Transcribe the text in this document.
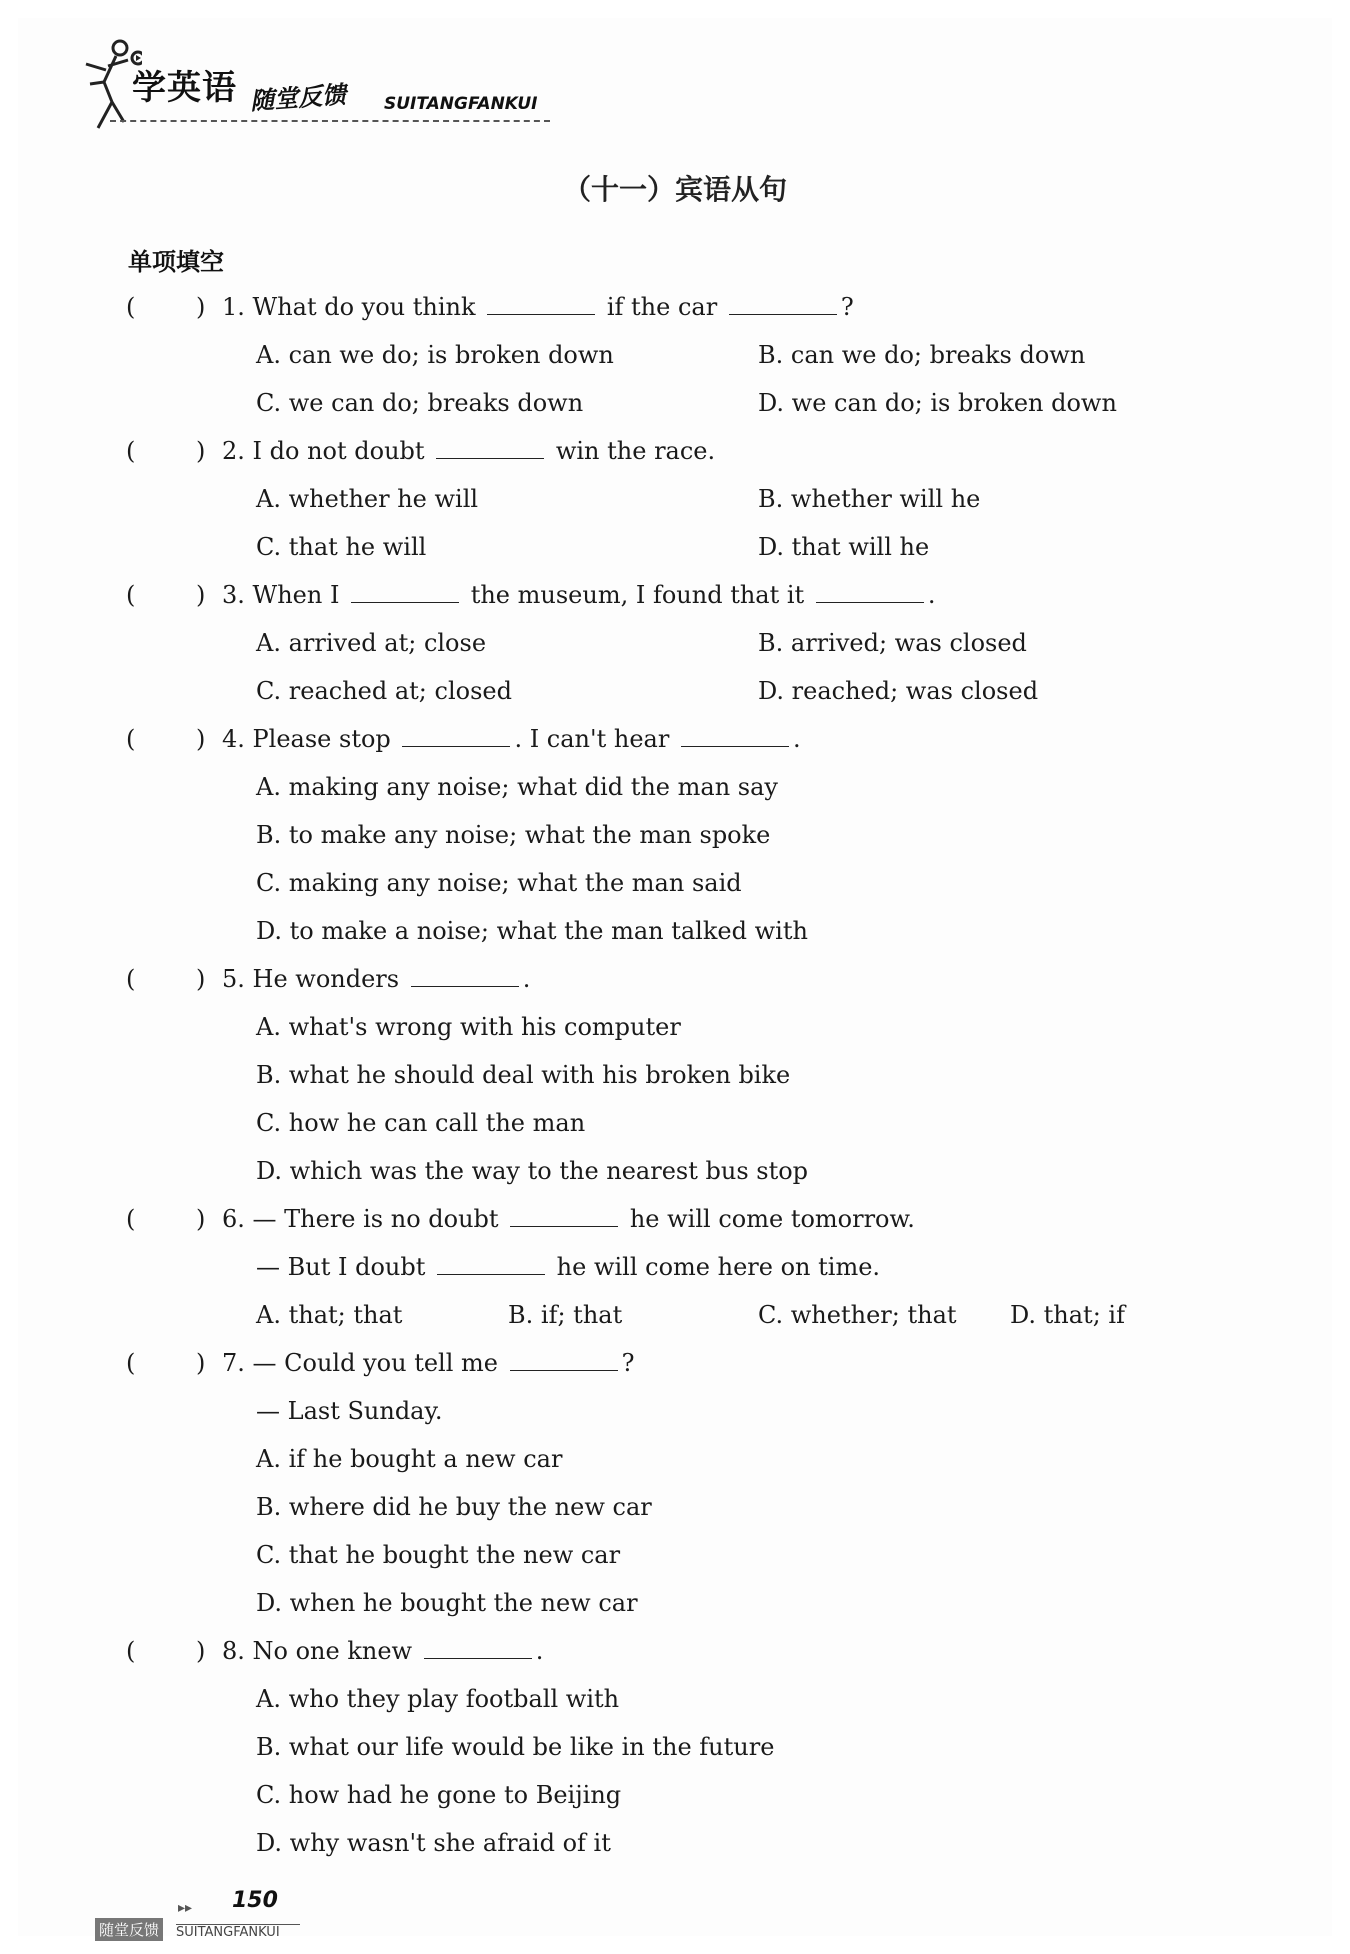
学英语 随堂反馈 SUITANGFANKUI
（十一）宾语从句
单项填空
(	) 1. What do you think	if the car	?
A. can we do; is broken down	B. can we do; breaks down
C. we can do; breaks down	D. we can do; is broken down
(	) 2. I do not doubt	win the race.
A. whether he will	B. whether will he
C. that he will	D. that will he
(	) 3. When I	the museum, I found that it	.
A. arrived at; close	B. arrived; was closed
C. reached at; closed	D. reached; was closed
(	) 4. Please stop	. I can't hear	.
A. making any noise; what did the man say
B. to make any noise; what the man spoke
C. making any noise; what the man said
D. to make a noise; what the man talked with
(	) 5. He wonders	.
A. what's wrong with his computer
B. what he should deal with his broken bike
C. how he can call the man
D. which was the way to the nearest bus stop
(	) 6. — There is no doubt	he will come tomorrow.
— But I doubt	he will come here on time.
A. that; that	B. if; that	C. whether; that D. that; if
(	) 7. — Could you tell me	?
— Last Sunday.
A. if he bought a new car
B. where did he buy the new car
C. that he bought the new car
D. when he bought the new car
(	) 8. No one knew	.
A. who they play football with
B. what our life would be like in the future
C. how had he gone to Beijing
D. why wasn't she afraid of it
▸▸ 150
随堂反馈	SUITANGFANKUI
